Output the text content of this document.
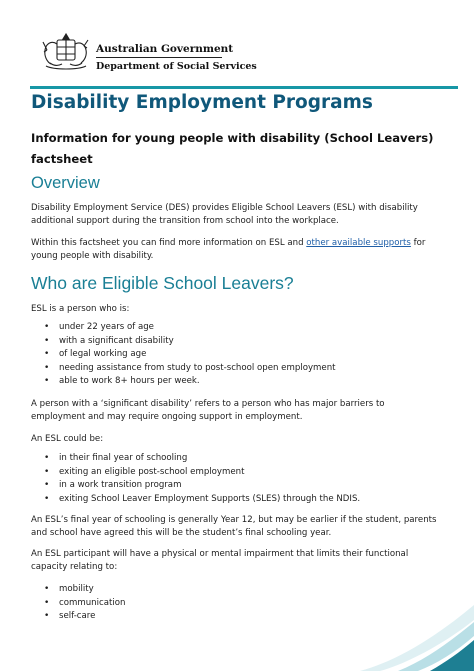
Australian Government
Department of Social Services
Disability Employment Programs

Information for young people with disability (School Leavers) factsheet

Overview

Disability Employment Service (DES) provides Eligible School Leavers (ESL) with disability additional support during the transition from school into the workplace.

Within this factsheet you can find more information on ESL and other available supports for young people with disability.

Who are Eligible School Leavers?

ESL is a person who is:

• under 22 years of age
• with a significant disability
• of legal working age
• needing assistance from study to post-school open employment
• able to work 8+ hours per week.

A person with a ‘significant disability’ refers to a person who has major barriers to employment and may require ongoing support in employment.

An ESL could be:

• in their final year of schooling
• exiting an eligible post-school employment
• in a work transition program
• exiting School Leaver Employment Supports (SLES) through the NDIS.

An ESL’s final year of schooling is generally Year 12, but may be earlier if the student, parents and school have agreed this will be the student’s final schooling year.

An ESL participant will have a physical or mental impairment that limits their functional capacity relating to:

• mobility
• communication
• self-care
